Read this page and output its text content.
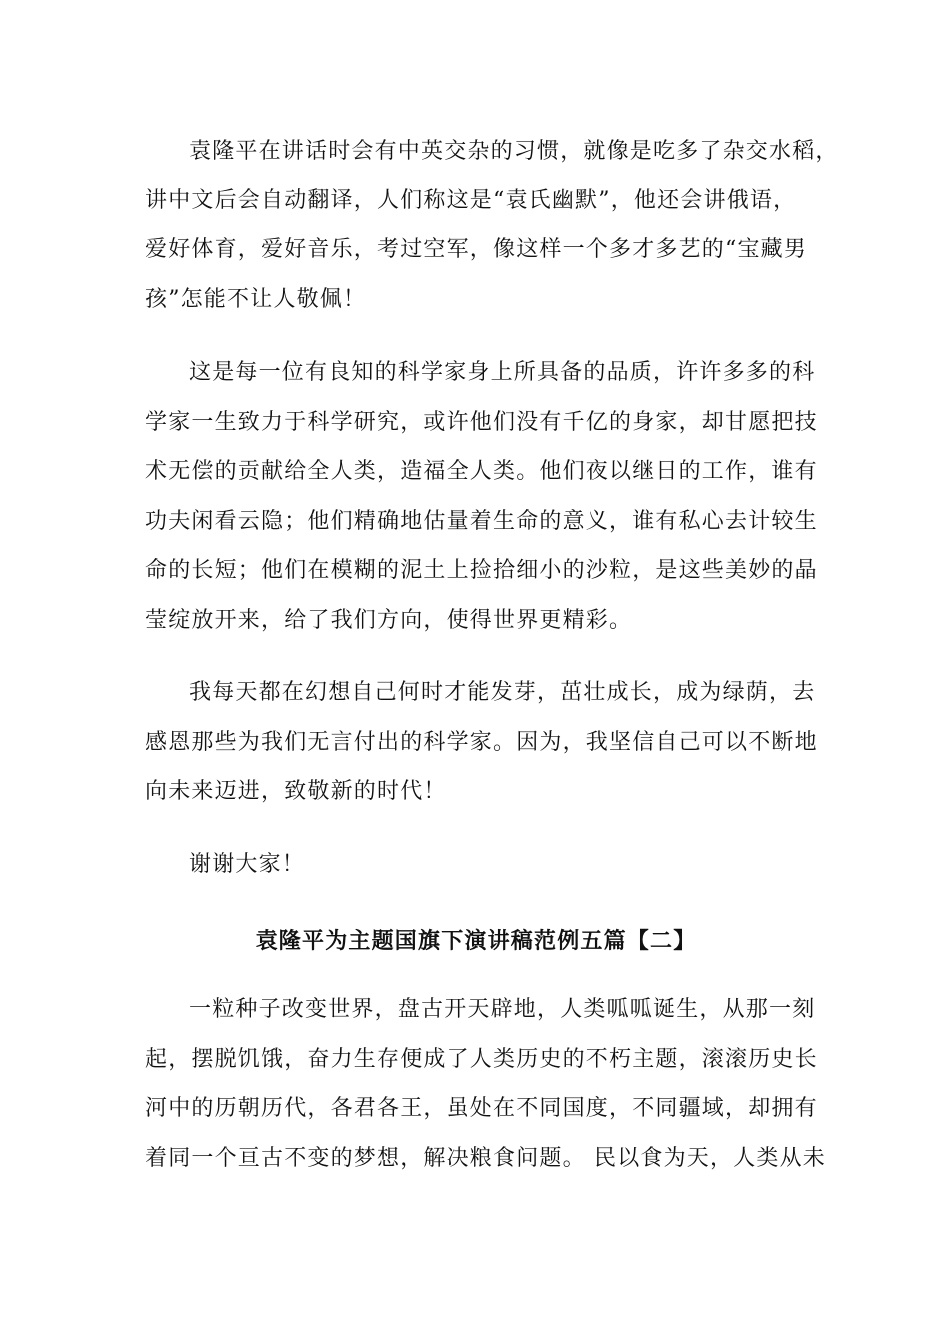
袁隆平在讲话时会有中英交杂的习惯，就像是吃多了杂交水稻，
讲中文后会自动翻译，人们称这是“袁氏幽默”，他还会讲俄语，
爱好体育，爱好音乐，考过空军，像这样一个多才多艺的“宝藏男
孩”怎能不让人敬佩！
这是每一位有良知的科学家身上所具备的品质，许许多多的科
学家一生致力于科学研究，或许他们没有千亿的身家，却甘愿把技
术无偿的贡献给全人类，造福全人类。他们夜以继日的工作，谁有
功夫闲看云隐；他们精确地估量着生命的意义，谁有私心去计较生
命的长短；他们在模糊的泥土上捡拾细小的沙粒，是这些美妙的晶
莹绽放开来，给了我们方向，使得世界更精彩。
我每天都在幻想自己何时才能发芽，茁壮成长，成为绿荫，去
感恩那些为我们无言付出的科学家。因为，我坚信自己可以不断地
向未来迈进，致敬新的时代！
谢谢大家！
袁隆平为主题国旗下演讲稿范例五篇【二】
一粒种子改变世界，盘古开天辟地，人类呱呱诞生，从那一刻
起，摆脱饥饿，奋力生存便成了人类历史的不朽主题，滚滚历史长
河中的历朝历代，各君各王，虽处在不同国度，不同疆域，却拥有
着同一个亘古不变的梦想，解决粮食问题。 民以食为天，人类从未
